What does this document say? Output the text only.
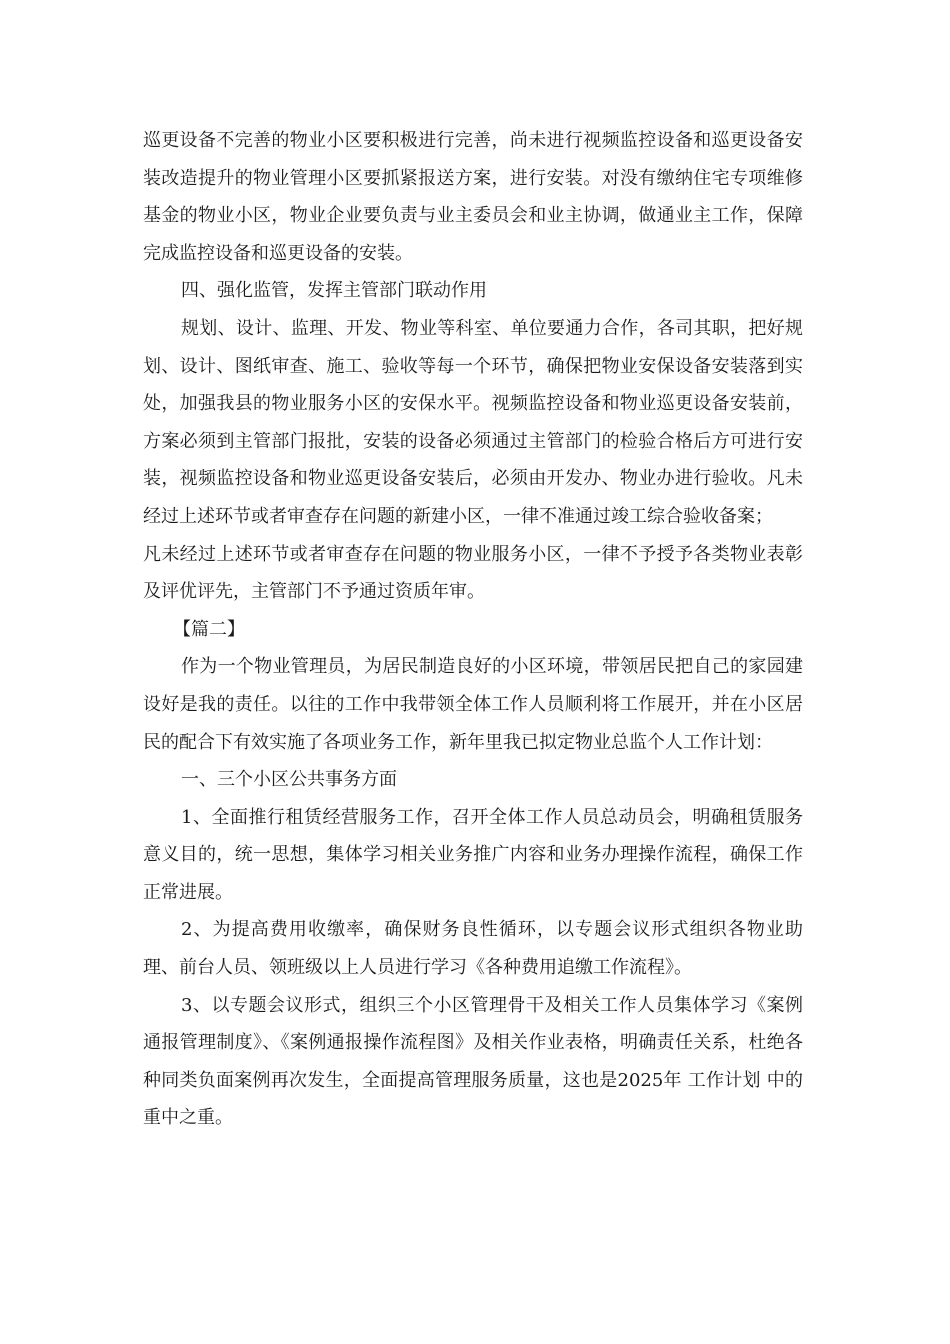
巡更设备不完善的物业小区要积极进行完善，尚未进行视频监控设备和巡更设备安装改造提升的物业管理小区要抓紧报送方案，进行安装。对没有缴纳住宅专项维修基金的物业小区，物业企业要负责与业主委员会和业主协调，做通业主工作，保障完成监控设备和巡更设备的安装。

四、强化监管，发挥主管部门联动作用

规划、设计、监理、开发、物业等科室、单位要通力合作，各司其职，把好规划、设计、图纸审查、施工、验收等每一个环节，确保把物业安保设备安装落到实处，加强我县的物业服务小区的安保水平。视频监控设备和物业巡更设备安装前，方案必须到主管部门报批，安装的设备必须通过主管部门的检验合格后方可进行安装，视频监控设备和物业巡更设备安装后，必须由开发办、物业办进行验收。凡未经过上述环节或者审查存在问题的新建小区，一律不准通过竣工综合验收备案；

凡未经过上述环节或者审查存在问题的物业服务小区，一律不予授予各类物业表彰及评优评先，主管部门不予通过资质年审。

【篇二】

作为一个物业管理员，为居民制造良好的小区环境，带领居民把自己的家园建设好是我的责任。以往的工作中我带领全体工作人员顺利将工作展开，并在小区居民的配合下有效实施了各项业务工作，新年里我已拟定物业总监个人工作计划：

一、三个小区公共事务方面

1、全面推行租赁经营服务工作，召开全体工作人员总动员会，明确租赁服务意义目的，统一思想，集体学习相关业务推广内容和业务办理操作流程，确保工作正常进展。

2、为提高费用收缴率，确保财务良性循环，以专题会议形式组织各物业助理、前台人员、领班级以上人员进行学习《各种费用追缴工作流程》。

3、以专题会议形式，组织三个小区管理骨干及相关工作人员集体学习《案例通报管理制度》、《案例通报操作流程图》及相关作业表格，明确责任关系，杜绝各种同类负面案例再次发生，全面提高管理服务质量，这也是2025年 工作计划 中的重中之重。
